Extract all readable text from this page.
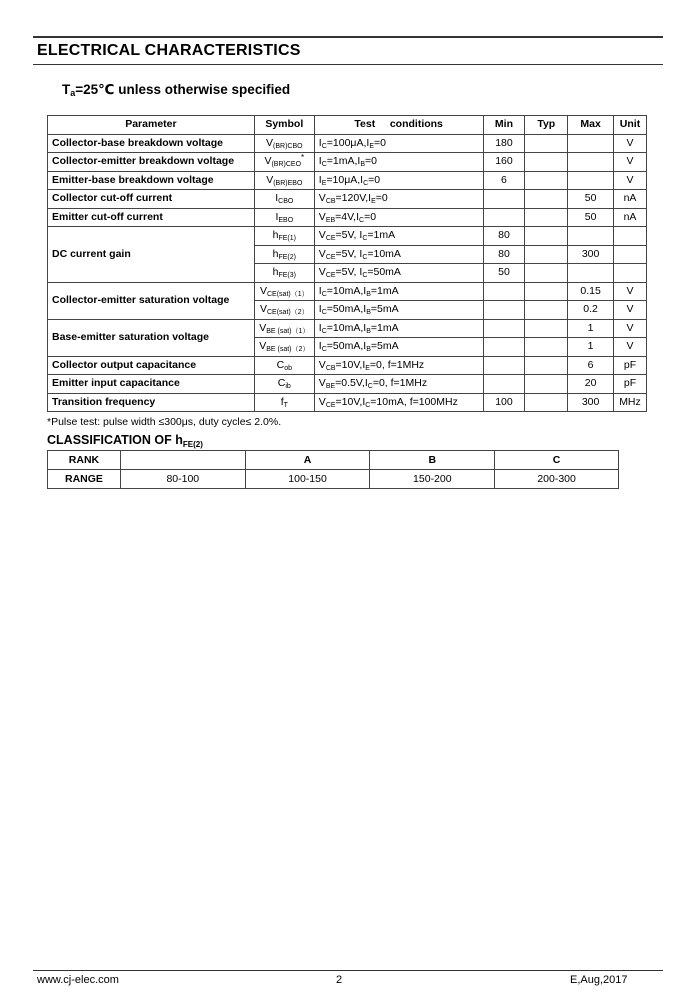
ELECTRICAL CHARACTERISTICS
$T_a=25℃$ unless otherwise specified
Parameter	Symbol	Test     conditions	Min	Typ	Max	Unit
Collector-base breakdown voltage	$V_{(BR)CBO}$	$I_C=100\mu A,I_E=0$	180			V
Collector-emitter breakdown voltage	$V_{(BR)CEO}^*$	$I_C=1mA,I_B=0$	160			V
Emitter-base breakdown voltage	$V_{(BR)EBO}$	$I_E=10\mu A,I_C=0$	6			V
Collector cut-off current	$I_{CBO}$	$V_{CB}=120V,I_E=0$			50	nA
Emitter cut-off current	$I_{EBO}$	$V_{EB}=4V,I_C=0$			50	nA
DC current gain	$h_{FE(1)}$	$V_{CE}=5V$, $I_C=1mA$	80			
	$h_{FE(2)}$	$V_{CE}=5V$, $I_C=10mA$	80		300	
	$h_{FE(3)}$	$V_{CE}=5V$, $I_C=50mA$	50			
Collector-emitter saturation voltage	$V_{CE(sat)(1)}$	$I_C=10mA,I_B=1mA$			0.15	V
	$V_{CE(sat)(2)}$	$I_C=50mA,I_B=5mA$			0.2	V
Base-emitter saturation voltage	$V_{BE (sat)(1)}$	$I_C=10mA,I_B=1mA$			1	V
	$V_{BE (sat)(2)}$	$I_C=50mA,I_B=5mA$			1	V
Collector output capacitance	$C_{ob}$	$V_{CB}=10V,I_E=0$, f=1MHz			6	pF
Emitter input capacitance	$C_{ib}$	$V_{BE}=0.5V,I_C=0$, f=1MHz			20	pF
Transition frequency	$f_T$	$V_{CE}=10V,I_C=10mA$, f=100MHz	100		300	MHz
*Pulse test: pulse width ≤300μs, duty cycle≤ 2.0%.
CLASSIFICATION OF $h_{FE(2)}$
RANK		A	B	C
RANGE	80-100	100-150	150-200	200-300
www.cj-elec.com	2	E,Aug,2017
